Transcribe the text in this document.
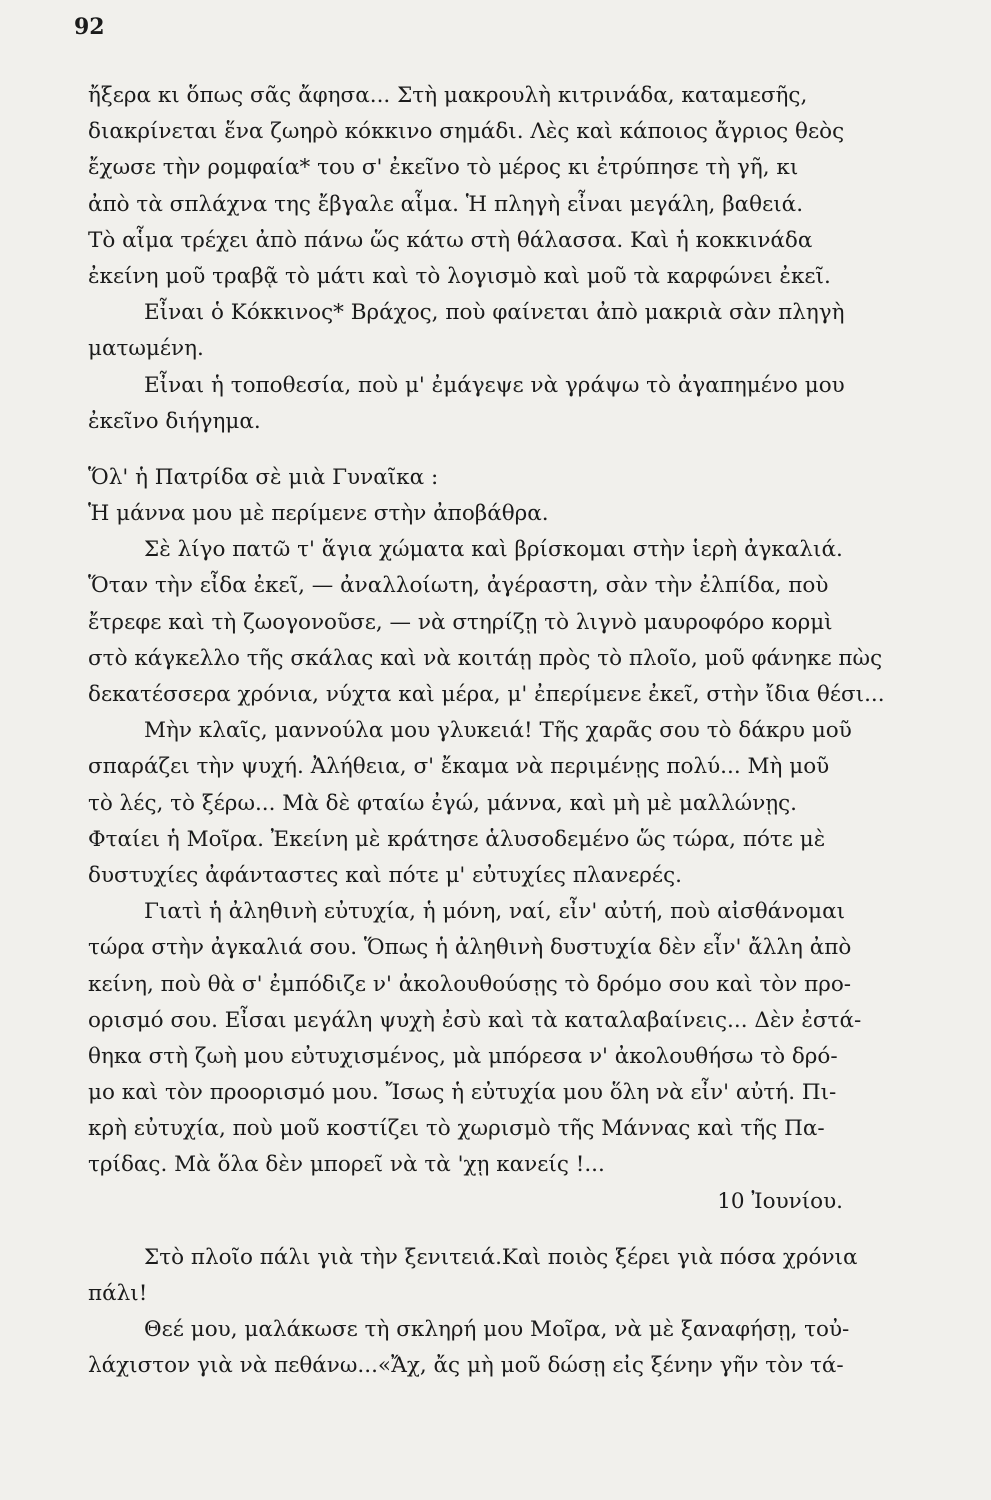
92
ἤξερα κι ὅπως σᾶς ἄφησα... Στὴ μακρουλὴ κιτρινάδα, καταμεσῆς,
διακρίνεται ἕνα ζωηρὸ κόκκινο σημάδι. Λὲς καὶ κάποιος ἄγριος θεὸς
ἔχωσε τὴν ρομφαία* του σ' ἐκεῖνο τὸ μέρος κι ἐτρύπησε τὴ γῆ, κι
ἀπὸ τὰ σπλάχνα της ἔβγαλε αἷμα. Ἡ πληγὴ εἶναι μεγάλη, βαθειά.
Τὸ αἷμα τρέχει ἀπὸ πάνω ὥς κάτω στὴ θάλασσα. Καὶ ἡ κοκκινάδα
ἐκείνη μοῦ τραβᾷ τὸ μάτι καὶ τὸ λογισμὸ καὶ μοῦ τὰ καρφώνει ἐκεῖ.
Εἶναι ὁ Κόκκινος* Βράχος, ποὺ φαίνεται ἀπὸ μακριὰ σὰν πληγὴ
ματωμένη.
Εἶναι ἡ τοποθεσία, ποὺ μ' ἐμάγεψε νὰ γράψω τὸ ἀγαπημένο μου
ἐκεῖνο διήγημα.
Ὅλ' ἡ Πατρίδα σὲ μιὰ Γυναῖκα :
Ἡ μάννα μου μὲ περίμενε στὴν ἀποβάθρα.
Σὲ λίγο πατῶ τ' ἅγια χώματα καὶ βρίσκομαι στὴν ἱερὴ ἀγκαλιά.
Ὅταν τὴν εἶδα ἐκεῖ, — ἀναλλοίωτη, ἀγέραστη, σὰν τὴν ἐλπίδα, ποὺ
ἔτρεφε καὶ τὴ ζωογονοῦσε, — νὰ στηρίζῃ τὸ λιγνὸ μαυροφόρο κορμὶ
στὸ κάγκελλο τῆς σκάλας καὶ νὰ κοιτάῃ πρὸς τὸ πλοῖο, μοῦ φάνηκε πὼς
δεκατέσσερα χρόνια, νύχτα καὶ μέρα, μ' ἐπερίμενε ἐκεῖ, στὴν ἴδια θέσι...
Μὴν κλαῖς, μαννούλα μου γλυκειά! Τῆς χαρᾶς σου τὸ δάκρυ μοῦ
σπαράζει τὴν ψυχή. Ἀλήθεια, σ' ἔκαμα νὰ περιμένῃς πολύ... Μὴ μοῦ
τὸ λές, τὸ ξέρω... Μὰ δὲ φταίω ἐγώ, μάννα, καὶ μὴ μὲ μαλλώνῃς.
Φταίει ἡ Μοῖρα. Ἐκείνη μὲ κράτησε ἁλυσοδεμένο ὥς τώρα, πότε μὲ
δυστυχίες ἀφάνταστες καὶ πότε μ' εὐτυχίες πλανερές.
Γιατὶ ἡ ἀληθινὴ εὐτυχία, ἡ μόνη, ναί, εἶν' αὐτή, ποὺ αἰσθάνομαι
τώρα στὴν ἀγκαλιά σου. Ὅπως ἡ ἀληθινὴ δυστυχία δὲν εἶν' ἄλλη ἀπὸ
κείνη, ποὺ θὰ σ' ἐμπόδιζε ν' ἀκολουθούσῃς τὸ δρόμο σου καὶ τὸν προ-
ορισμό σου. Εἶσαι μεγάλη ψυχὴ ἐσὺ καὶ τὰ καταλαβαίνεις... Δὲν ἐστά-
θηκα στὴ ζωὴ μου εὐτυχισμένος, μὰ μπόρεσα ν' ἀκολουθήσω τὸ δρό-
μο καὶ τὸν προορισμό μου. Ἴσως ἡ εὐτυχία μου ὅλη νὰ εἶν' αὐτή. Πι-
κρὴ εὐτυχία, ποὺ μοῦ κοστίζει τὸ χωρισμὸ τῆς Μάννας καὶ τῆς Πα-
τρίδας. Μὰ ὅλα δὲν μπορεῖ νὰ τὰ 'χῃ κανείς !...
10 Ἰουνίου.
Στὸ πλοῖο πάλι γιὰ τὴν ξενιτειά.Καὶ ποιὸς ξέρει γιὰ πόσα χρόνια
πάλι!
Θεέ μου, μαλάκωσε τὴ σκληρή μου Μοῖρα, νὰ μὲ ξαναφήσῃ, τοὐ-
λάχιστον γιὰ νὰ πεθάνω...«Ἄχ, ἄς μὴ μοῦ δώσῃ εἰς ξένην γῆν τὸν τά-
